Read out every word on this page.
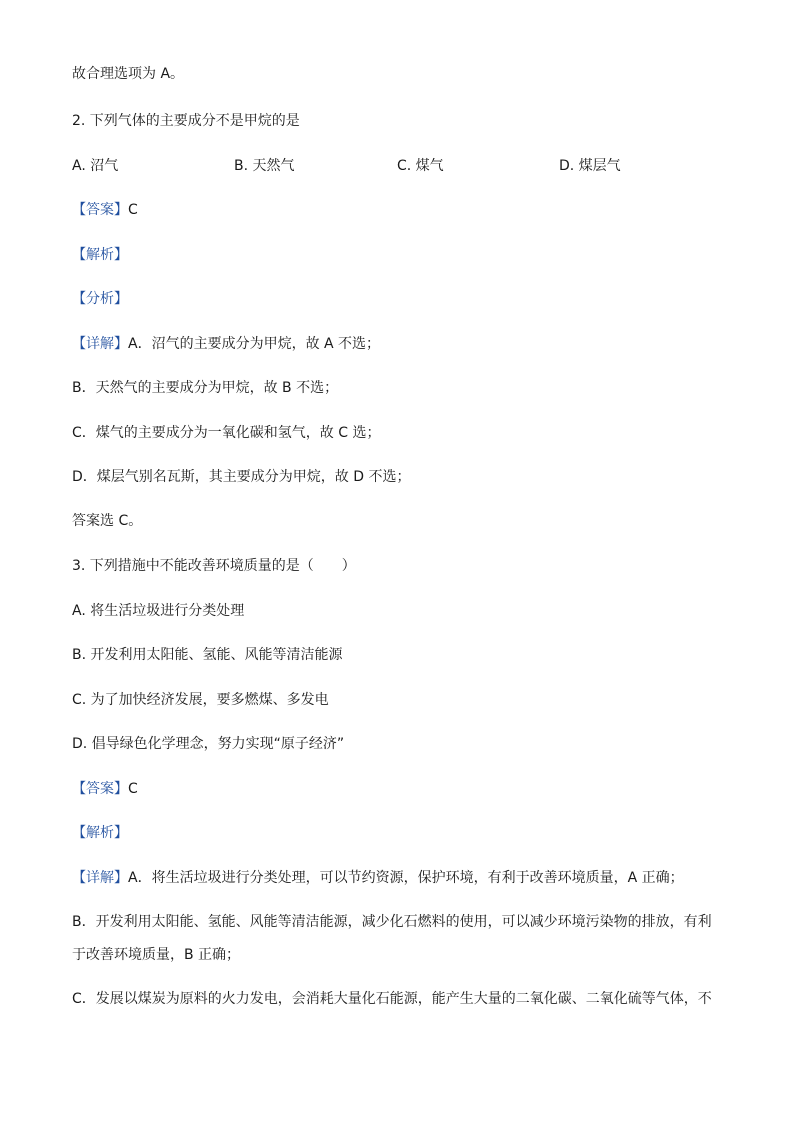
故合理选项为 A。
2. 下列气体的主要成分不是甲烷的是
A. 沼气	B. 天然气	C. 煤气	D. 煤层气
【答案】C
【解析】
【分析】
【详解】A．沼气的主要成分为甲烷，故 A 不选；
B．天然气的主要成分为甲烷，故 B 不选；
C．煤气的主要成分为一氧化碳和氢气，故 C 选；
D．煤层气别名瓦斯，其主要成分为甲烷，故 D 不选；
答案选 C。
3. 下列措施中不能改善环境质量的是（　　）
A. 将生活垃圾进行分类处理
B. 开发利用太阳能、氢能、风能等清洁能源
C. 为了加快经济发展，要多燃煤、多发电
D. 倡导绿色化学理念，努力实现“原子经济”
【答案】C
【解析】
【详解】A．将生活垃圾进行分类处理，可以节约资源，保护环境，有利于改善环境质量，A 正确；
B．开发利用太阳能、氢能、风能等清洁能源，减少化石燃料的使用，可以减少环境污染物的排放，有利
于改善环境质量，B 正确；
C．发展以煤炭为原料的火力发电，会消耗大量化石能源，能产生大量的二氧化碳、二氧化硫等气体，不
